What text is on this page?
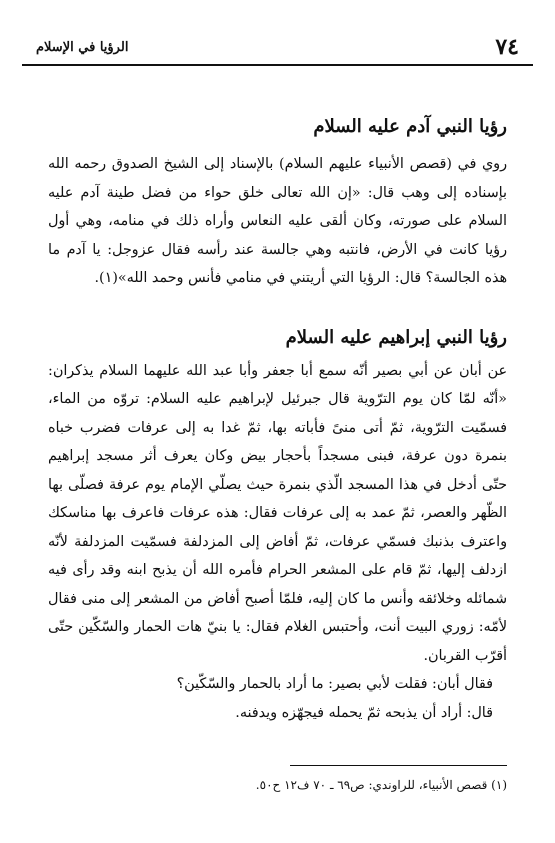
٧٤
الرؤيا في الإسلام
رؤيا النبي آدم عليه السلام

روي في (قصص الأنبياء عليهم السلام) بالإسناد إلى الشيخ الصدوق رحمه الله بإسناده إلى وهب قال: «إن الله تعالى خلق حواء من فضل طينة آدم عليه السلام على صورته، وكان ألقى عليه النعاس وأراه ذلك في منامه، وهي أول رؤيا كانت في الأرض، فانتبه وهي جالسة عند رأسه فقال عزوجل: يا آدم ما هذه الجالسة؟ قال: الرؤيا التي أريتني في منامي فأنس وحمد الله»(١).

رؤيا النبي إبراهيم عليه السلام

عن أبان عن أبي بصير أنّه سمع أبا جعفر وأبا عبد الله عليهما السلام يذكران: «أنّه لمّا كان يوم الترّوية قال جبرئيل لإبراهيم عليه السلام: تروّه من الماء، فسمّيت الترّوية، ثمّ أتى منىً فأباته بها، ثمّ غدا به إلى عرفات فضرب خباه بنمرة دون عرفة، فبنى مسجداً بأحجار بيض وكان يعرف أثر مسجد إبراهيم حتّى أدخل في هذا المسجد الّذي بنمرة حيث يصلّي الإمام يوم عرفة فصلّى بها الظّهر والعصر، ثمّ عمد به إلى عرفات فقال: هذه عرفات فاعرف بها مناسكك واعترف بذنبك فسمّي عرفات، ثمّ أفاض إلى المزدلفة فسمّيت المزدلفة لأنّه ازدلف إليها، ثمّ قام على المشعر الحرام فأمره الله أن يذبح ابنه وقد رأى فيه شمائله وخلائقه وأنس ما كان إليه، فلمّا أصبح أفاض من المشعر إلى منى فقال لأمّه: زوري البيت أنت، وأحتبس الغلام فقال: يا بنيّ هات الحمار والسّكّين حتّى أقرّب القربان.

فقال أبان: فقلت لأبي بصير: ما أراد بالحمار والسّكّين؟

قال: أراد أن يذبحه ثمّ يحمله فيجهّزه ويدفنه.

(١) قصص الأنبياء، للراوندي: ص٦٩ ـ ٧٠ ف١٢ ح٥٠.
